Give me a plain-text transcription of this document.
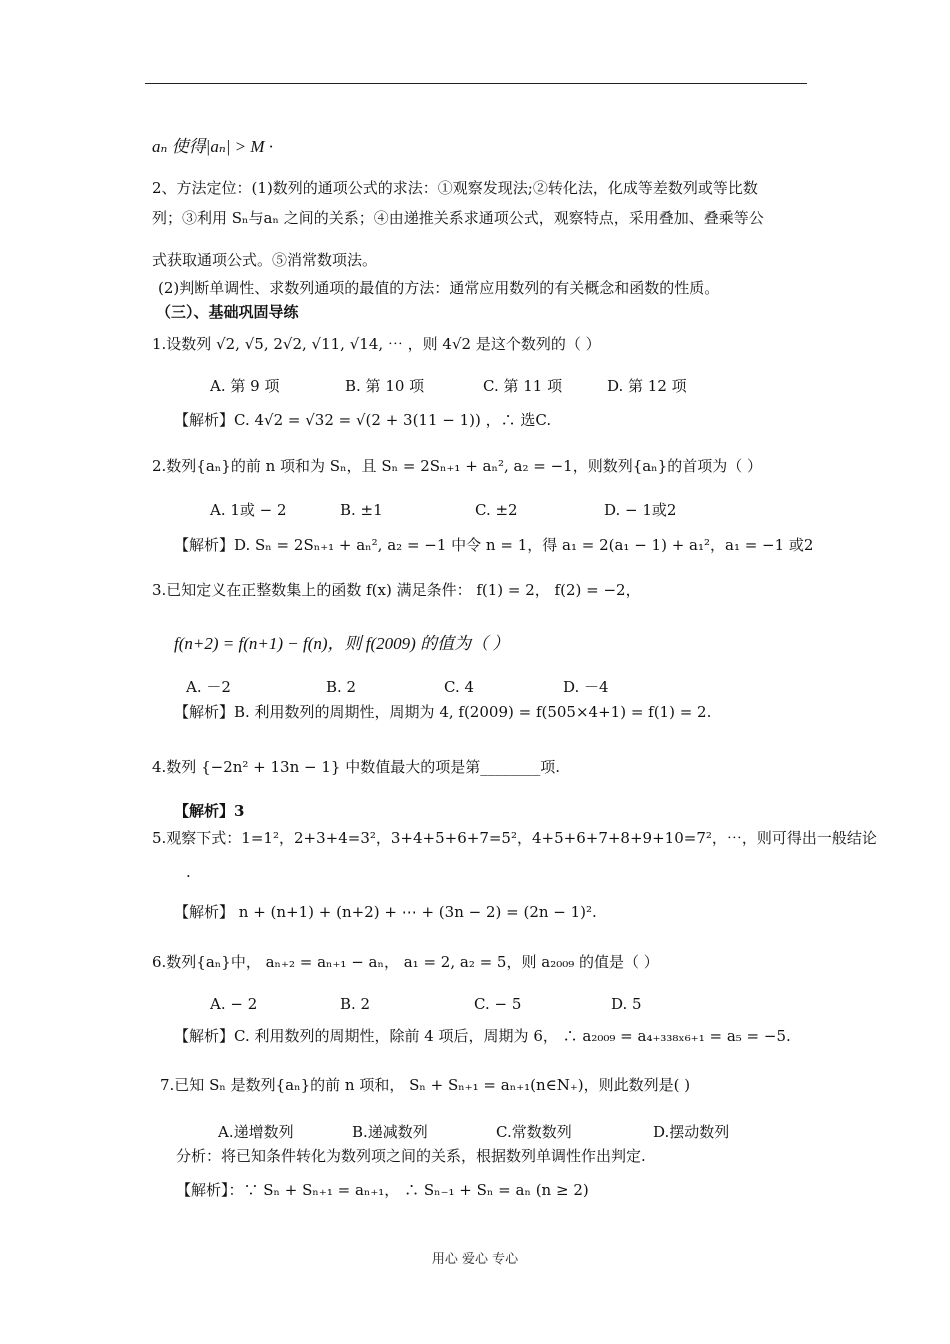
aₙ 使得|aₙ| > M ·
2、方法定位：(1)数列的通项公式的求法：①观察发现法;②转化法，化成等差数列或等比数
列；③利用 Sₙ与aₙ 之间的关系；④由递推关系求通项公式，观察特点，采用叠加、叠乘等公
式获取通项公式。⑤消常数项法。
(2)判断单调性、求数列通项的最值的方法：通常应用数列的有关概念和函数的性质。
（三）、基础巩固导练
1.设数列 √2, √5, 2√2, √11, √14, ⋯ ，则 4√2 是这个数列的（ ）
A. 第 9 项	B. 第 10 项	C. 第 11 项	D. 第 12 项
【解析】C. 4√2 = √32 = √(2 + 3(11 − 1)) ，∴ 选C.
2.数列{aₙ}的前 n 项和为 Sₙ，且 Sₙ = 2Sₙ₊₁ + aₙ², a₂ = −1，则数列{aₙ}的首项为（ ）
A. 1或 − 2	B. ±1	C. ±2	D. − 1或2
【解析】D. Sₙ = 2Sₙ₊₁ + aₙ², a₂ = −1 中令 n = 1，得 a₁ = 2(a₁ − 1) + a₁²，a₁ = −1 或2
3.已知定义在正整数集上的函数 f(x) 满足条件： f(1) = 2， f(2) = −2，
f(n+2) = f(n+1) − f(n)，则 f(2009) 的值为（ ）
A. －2	B. 2	C. 4	D. －4
【解析】B. 利用数列的周期性，周期为 4, f(2009) = f(505×4+1) = f(1) = 2.
4.数列 {−2n² + 13n − 1} 中数值最大的项是第________项.
【解析】3
5.观察下式：1=1²，2+3+4=3²，3+4+5+6+7=5²，4+5+6+7+8+9+10=7²，⋯，则可得出一般结论
.
【解析】 n + (n+1) + (n+2) + ⋯ + (3n − 2) = (2n − 1)².
6.数列{aₙ}中， aₙ₊₂ = aₙ₊₁ − aₙ， a₁ = 2, a₂ = 5，则 a₂₀₀₉ 的值是（ ）
A. − 2	B. 2	C. − 5	D. 5
【解析】C. 利用数列的周期性，除前 4 项后，周期为 6， ∴ a₂₀₀₉ = a₄₊₃₃₈ₓ₆₊₁ = a₅ = −5.
7.已知 Sₙ 是数列{aₙ}的前 n 项和， Sₙ + Sₙ₊₁ = aₙ₊₁(n∈N₊)，则此数列是( )
A.递增数列	B.递减数列	C.常数数列	D.摆动数列
分析：将已知条件转化为数列项之间的关系，根据数列单调性作出判定.
【解析】：∵ Sₙ + Sₙ₊₁ = aₙ₊₁， ∴ Sₙ₋₁ + Sₙ = aₙ (n ≥ 2)
用心 爱心 专心
